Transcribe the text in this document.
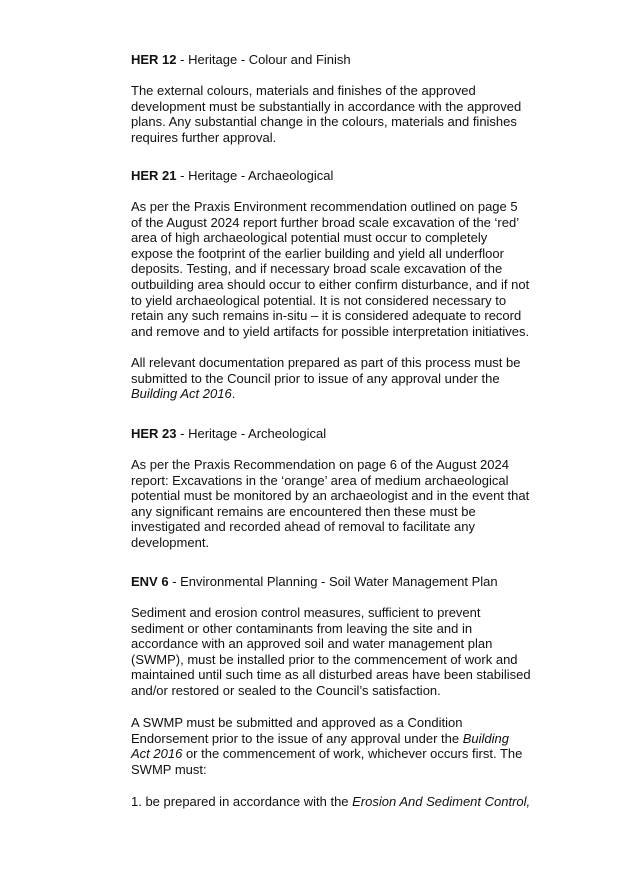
HER 12 - Heritage - Colour and Finish
The external colours, materials and finishes of the approved
development must be substantially in accordance with the approved
plans. Any substantial change in the colours, materials and finishes
requires further approval.
HER 21 - Heritage - Archaeological
As per the Praxis Environment recommendation outlined on page 5
of the August 2024 report further broad scale excavation of the ‘red’
area of high archaeological potential must occur to completely
expose the footprint of the earlier building and yield all underfloor
deposits. Testing, and if necessary broad scale excavation of the
outbuilding area should occur to either confirm disturbance, and if not
to yield archaeological potential. It is not considered necessary to
retain any such remains in-situ – it is considered adequate to record
and remove and to yield artifacts for possible interpretation initiatives.
All relevant documentation prepared as part of this process must be
submitted to the Council prior to issue of any approval under the
Building Act 2016.
HER 23 - Heritage - Archeological
As per the Praxis Recommendation on page 6 of the August 2024
report: Excavations in the ‘orange’ area of medium archaeological
potential must be monitored by an archaeologist and in the event that
any significant remains are encountered then these must be
investigated and recorded ahead of removal to facilitate any
development.
ENV 6 - Environmental Planning - Soil Water Management Plan
Sediment and erosion control measures, sufficient to prevent
sediment or other contaminants from leaving the site and in
accordance with an approved soil and water management plan
(SWMP), must be installed prior to the commencement of work and
maintained until such time as all disturbed areas have been stabilised
and/or restored or sealed to the Council’s satisfaction.
A SWMP must be submitted and approved as a Condition
Endorsement prior to the issue of any approval under the Building
Act 2016 or the commencement of work, whichever occurs first. The
SWMP must:
1. be prepared in accordance with the Erosion And Sediment Control,
